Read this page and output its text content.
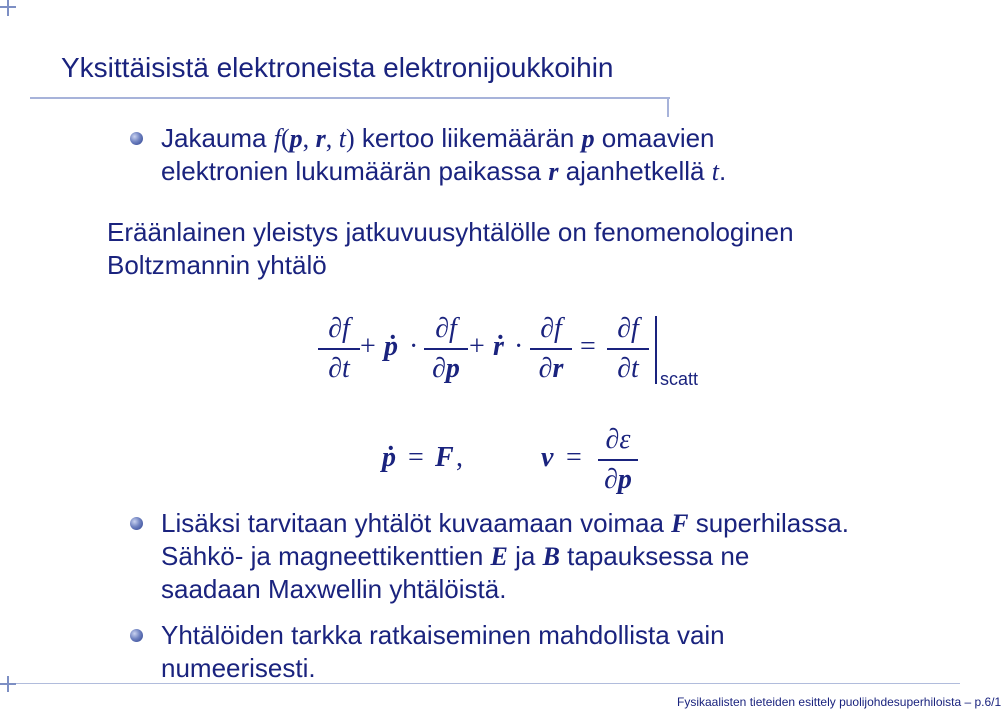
Yksittäisistä elektroneista elektronijoukkoihin
Jakauma f(p, r, t) kertoo liikemäärän p omaavien
elektronien lukumäärän paikassa r ajanhetkellä t.
Eräänlainen yleistys jatkuvuusyhtälölle on fenomenologinen
Boltzmannin yhtälö
∂f
∂t
+ ṗ ·
∂f
∂p
+ ṙ ·
∂f
∂r
=
∂f
∂t	scatt
ṗ = F ,	v =
∂ε
∂p
Lisäksi tarvitaan yhtälöt kuvaamaan voimaa F superhilassa.
Sähkö- ja magneettikenttien E ja B tapauksessa ne
saadaan Maxwellin yhtälöistä.
Yhtälöiden tarkka ratkaiseminen mahdollista vain
numeerisesti.
Fysikaalisten tieteiden esittely puolijohdesuperhiloista – p.6/1
